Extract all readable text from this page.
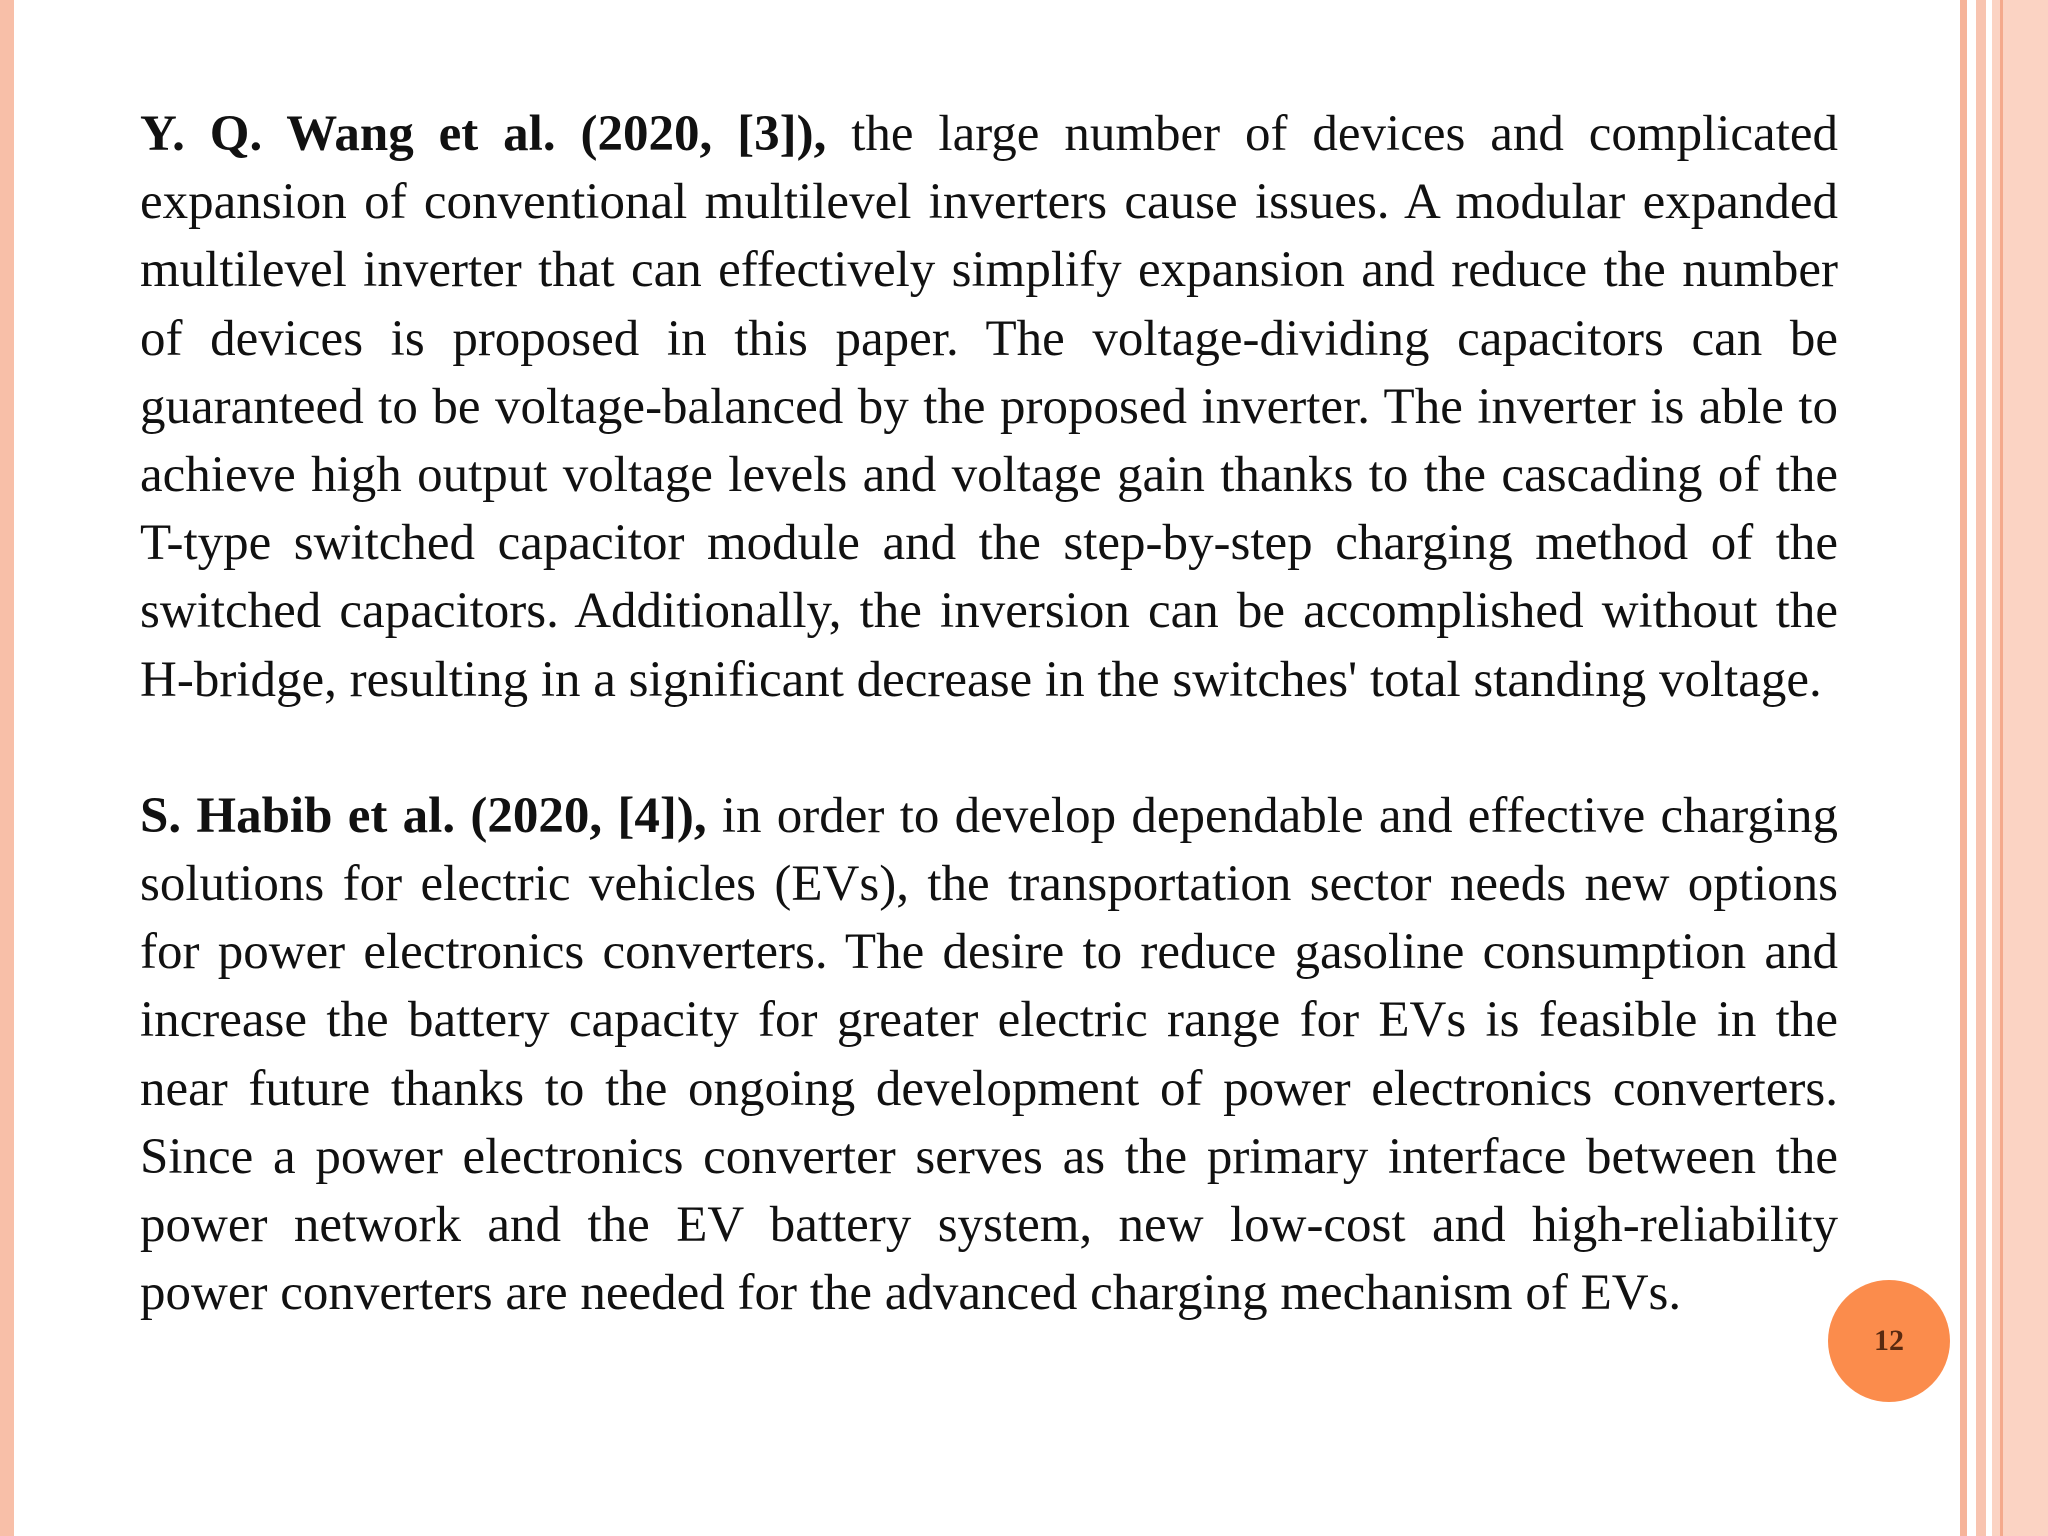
Y. Q. Wang et al. (2020, [3]), the large number of devices and complicated expansion of conventional multilevel inverters cause issues. A modular expanded multilevel inverter that can effectively simplify expansion and reduce the number of devices is proposed in this paper. The voltage-dividing capacitors can be guaranteed to be voltage-balanced by the proposed inverter. The inverter is able to achieve high output voltage levels and voltage gain thanks to the cascading of the T-type switched capacitor module and the step-by-step charging method of the switched capacitors. Additionally, the inversion can be accomplished without the H-bridge, resulting in a significant decrease in the switches' total standing voltage.

S. Habib et al. (2020, [4]), in order to develop dependable and effective charging solutions for electric vehicles (EVs), the transportation sector needs new options for power electronics converters. The desire to reduce gasoline consumption and increase the battery capacity for greater electric range for EVs is feasible in the near future thanks to the ongoing development of power electronics converters. Since a power electronics converter serves as the primary interface between the power network and the EV battery system, new low-cost and high-reliability power converters are needed for the advanced charging mechanism of EVs.

12
